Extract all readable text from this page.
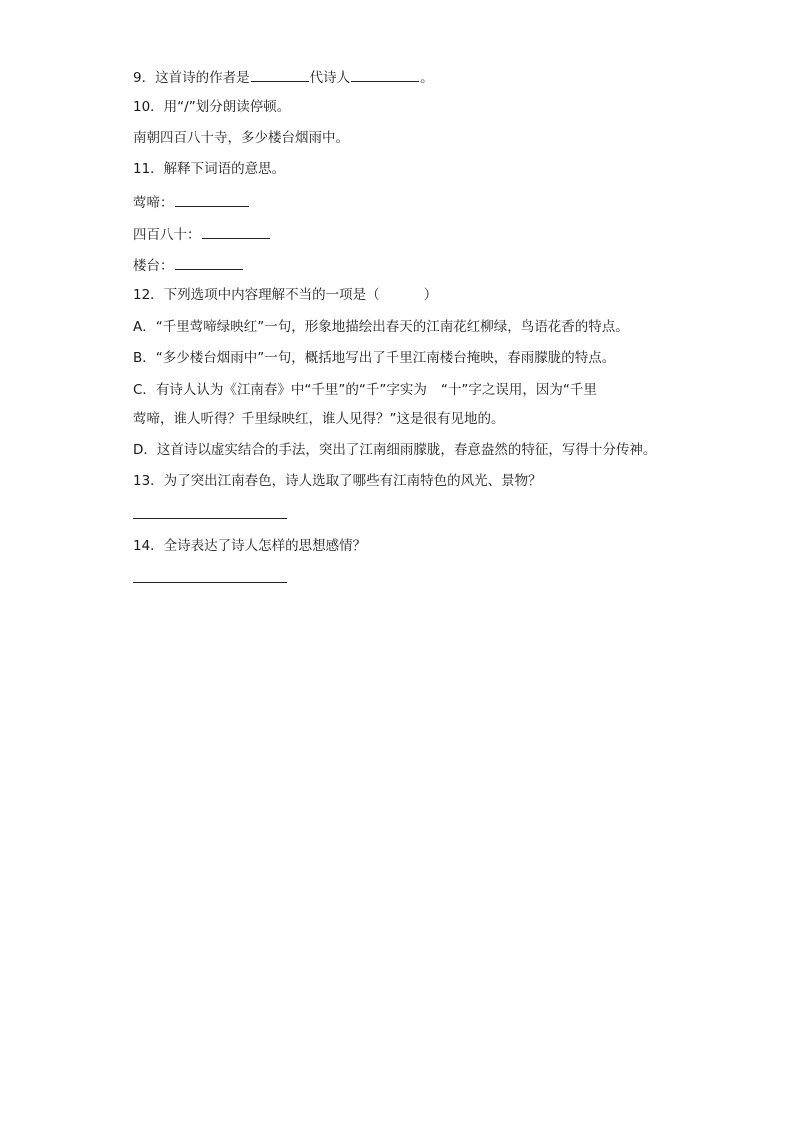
9．这首诗的作者是	代诗人	。
10．用“/”划分朗读停顿。
南朝四百八十寺，多少楼台烟雨中。
11．解释下词语的意思。
莺啼：
四百八十：
楼台：
12．下列选项中内容理解不当的一项是（	）
A．“千里莺啼绿映红”一句，形象地描绘出春天的江南花红柳绿，鸟语花香的特点。
B．“多少楼台烟雨中”一句，概括地写出了千里江南楼台掩映，春雨朦胧的特点。
C．有诗人认为《江南春》中“千里”的“千”字实为 “十”字之误用，因为“千里
莺啼，谁人听得？千里绿映红，谁人见得？”这是很有见地的。
D．这首诗以虚实结合的手法，突出了江南细雨朦胧，春意盎然的特征，写得十分传神。
13．为了突出江南春色，诗人选取了哪些有江南特色的风光、景物？
14．全诗表达了诗人怎样的思想感情？
